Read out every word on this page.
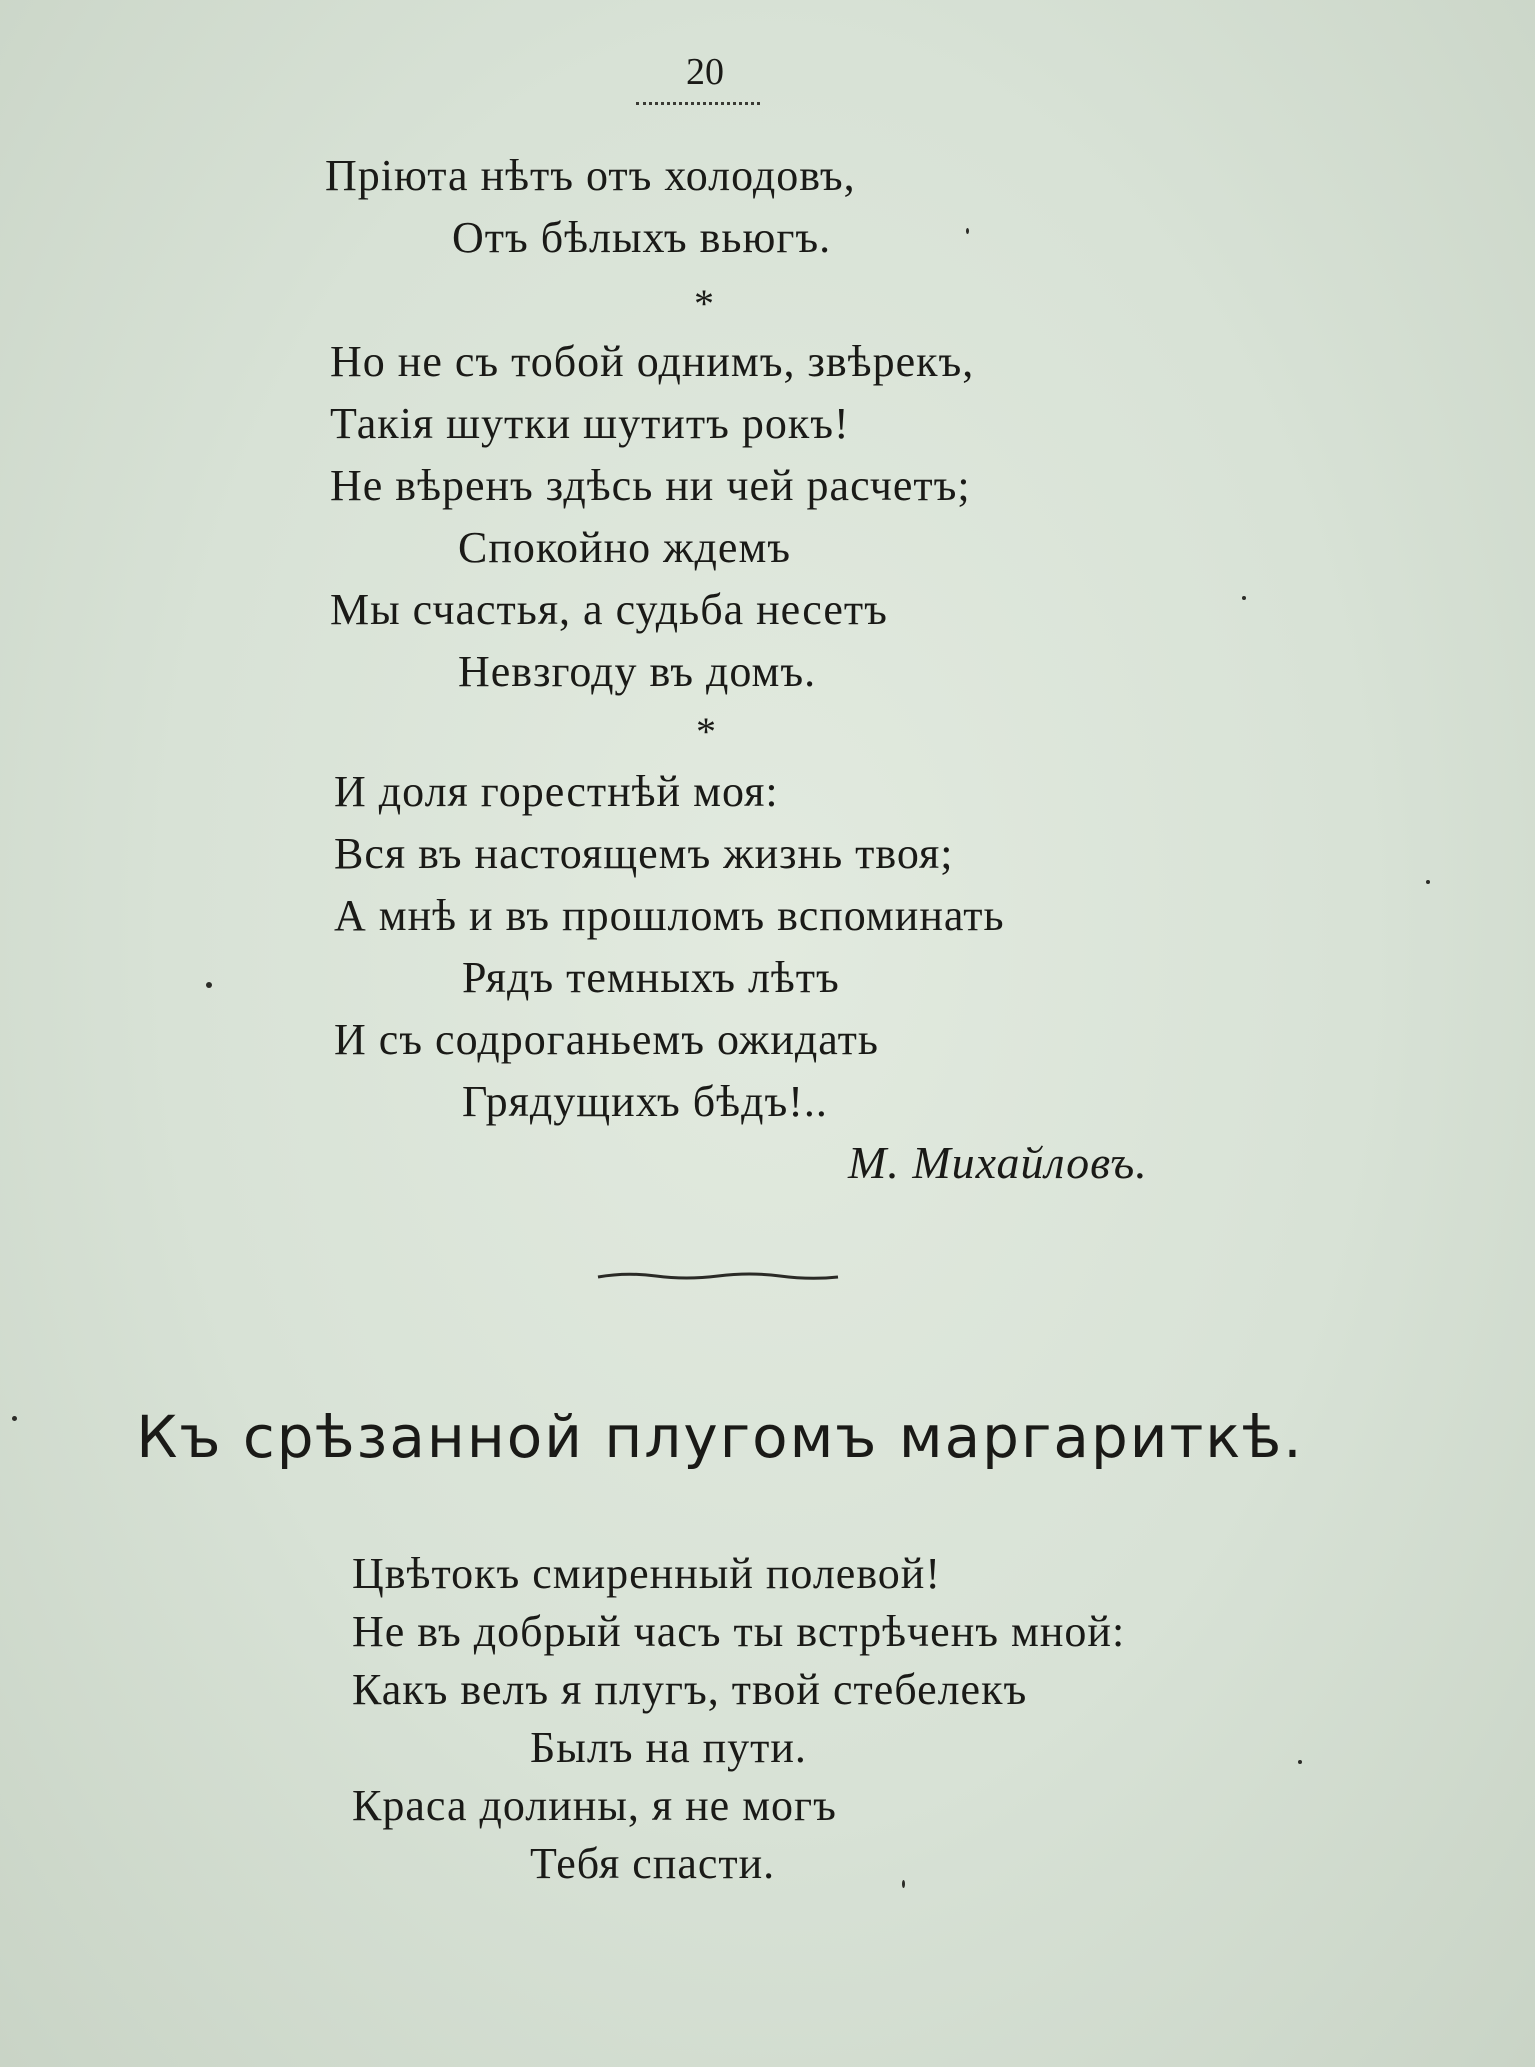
20
Пріюта нѣтъ отъ холодовъ,
Отъ бѣлыхъ вьюгъ.
*
Но не съ тобой однимъ, звѣрекъ,
Такія шутки шутитъ рокъ!
Не вѣренъ здѣсь ни чей расчетъ;
Спокойно ждемъ
Мы счастья, а судьба несетъ
Невзгоду въ домъ.
*
И доля горестнѣй моя:
Вся въ настоящемъ жизнь твоя;
А мнѣ и въ прошломъ вспоминать
Рядъ темныхъ лѣтъ
И съ содроганьемъ ожидать
Грядущихъ бѣдъ!..
М. Михайловъ.
Къ срѣзанной плугомъ маргариткѣ.
Цвѣтокъ смиренный полевой!
Не въ добрый часъ ты встрѣченъ мной:
Какъ велъ я плугъ, твой стебелекъ
Былъ на пути.
Краса долины, я не могъ
Тебя спасти.
